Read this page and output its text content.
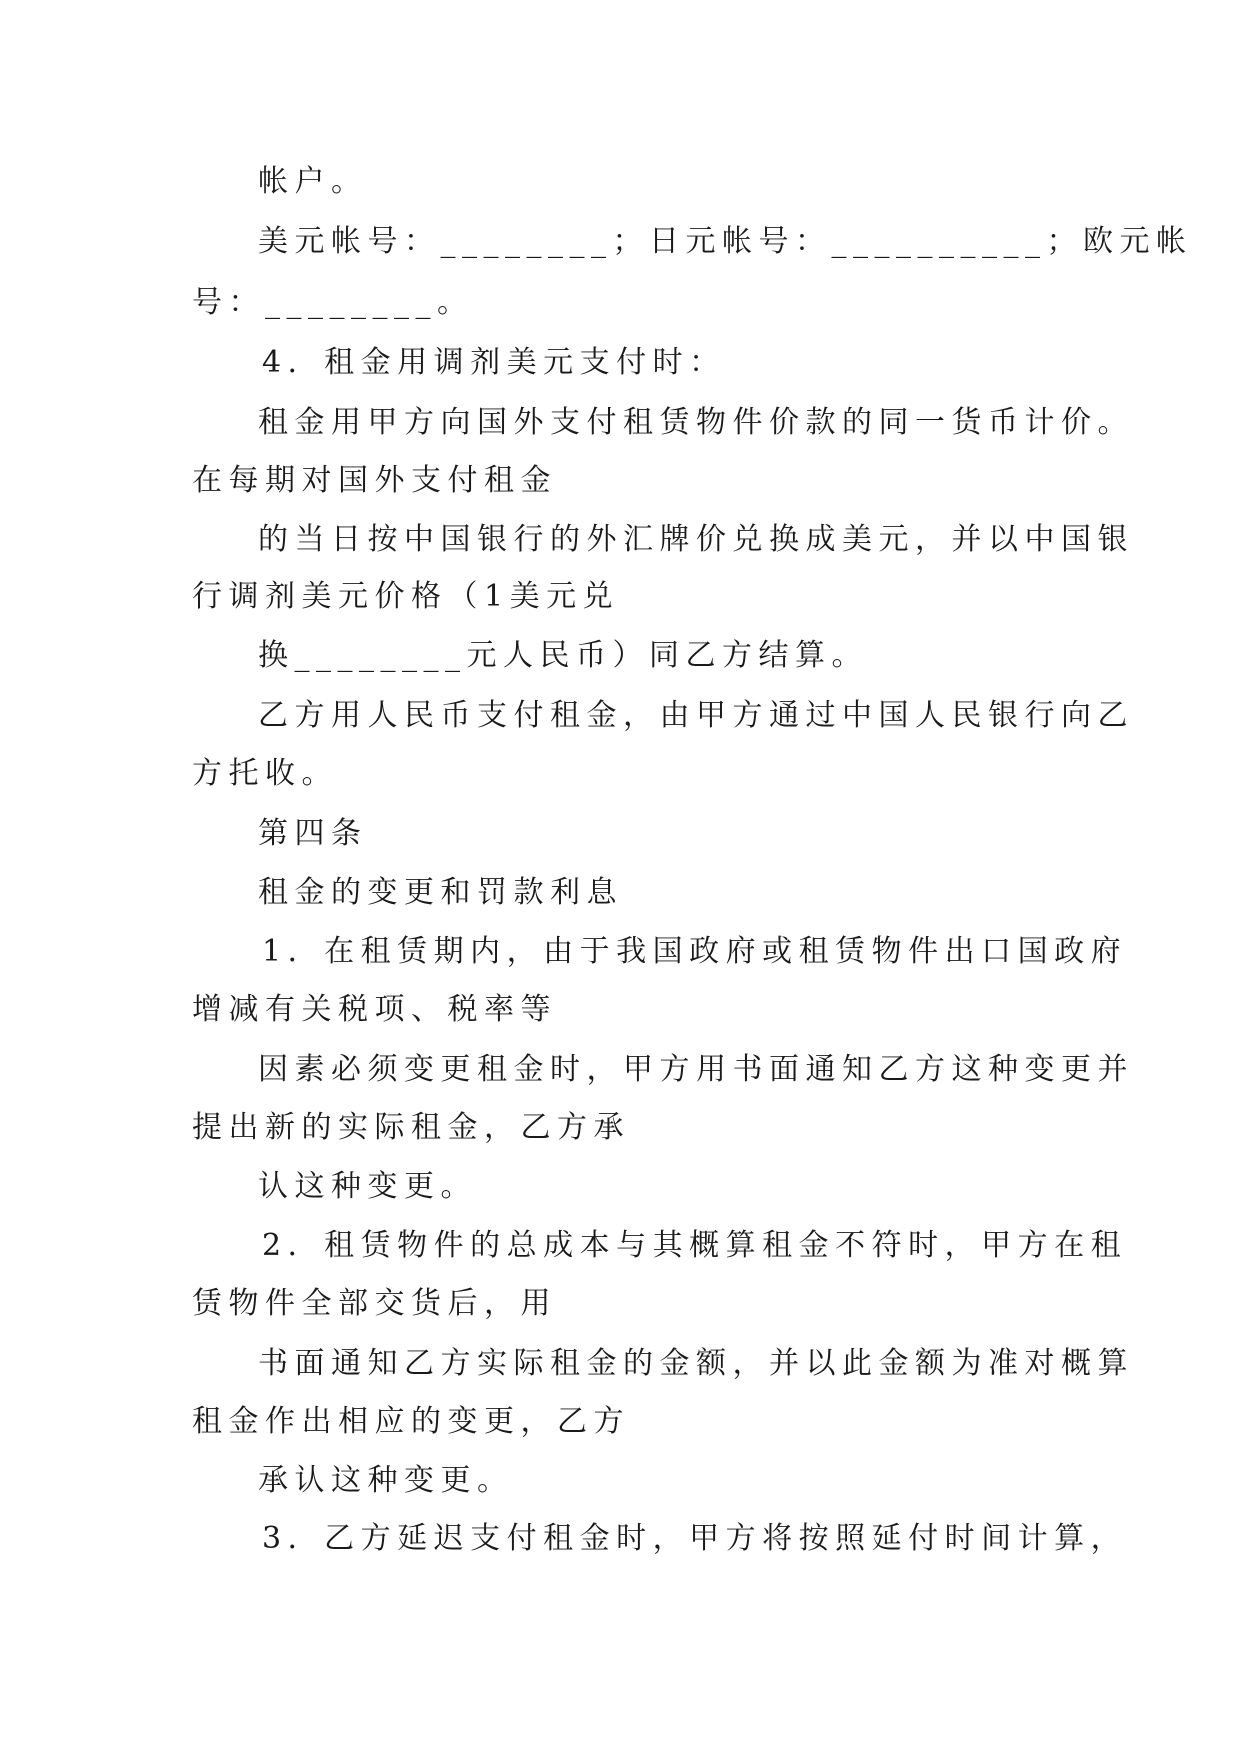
帐户。

美元帐号：________；日元帐号：__________；欧元帐

号：________。

4．租金用调剂美元支付时：

租金用甲方向国外支付租赁物件价款的同一货币计价。

在每期对国外支付租金

的当日按中国银行的外汇牌价兑换成美元，并以中国银

行调剂美元价格（1美元兑

换________元人民币）同乙方结算。

乙方用人民币支付租金，由甲方通过中国人民银行向乙

方托收。

第四条

租金的变更和罚款利息

1．在租赁期内，由于我国政府或租赁物件出口国政府

增减有关税项、税率等

因素必须变更租金时，甲方用书面通知乙方这种变更并

提出新的实际租金，乙方承

认这种变更。

2．租赁物件的总成本与其概算租金不符时，甲方在租

赁物件全部交货后，用

书面通知乙方实际租金的金额，并以此金额为准对概算

租金作出相应的变更，乙方

承认这种变更。

3．乙方延迟支付租金时，甲方将按照延付时间计算，
